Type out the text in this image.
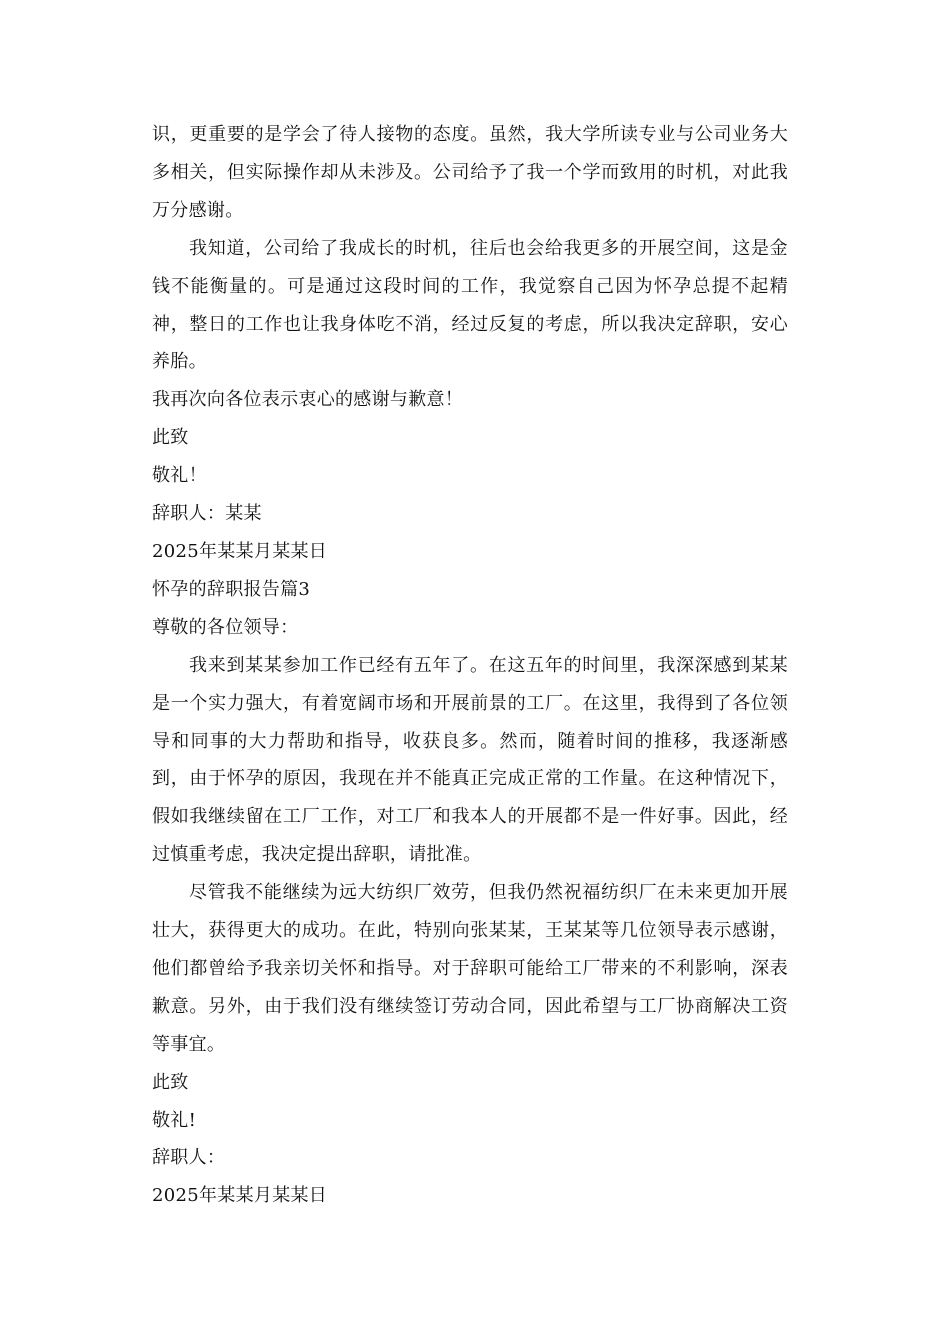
识，更重要的是学会了待人接物的态度。虽然，我大学所读专业与公司业务大多相关，但实际操作却从未涉及。公司给予了我一个学而致用的时机，对此我万分感谢。

我知道，公司给了我成长的时机，往后也会给我更多的开展空间，这是金钱不能衡量的。可是通过这段时间的工作，我觉察自己因为怀孕总提不起精神，整日的工作也让我身体吃不消，经过反复的考虑，所以我决定辞职，安心养胎。

我再次向各位表示衷心的感谢与歉意！

此致

敬礼！

辞职人：某某

2025年某某月某某日

怀孕的辞职报告篇3

尊敬的各位领导：

我来到某某参加工作已经有五年了。在这五年的时间里，我深深感到某某是一个实力强大，有着宽阔市场和开展前景的工厂。在这里，我得到了各位领导和同事的大力帮助和指导，收获良多。然而，随着时间的推移，我逐渐感到，由于怀孕的原因，我现在并不能真正完成正常的工作量。在这种情况下，假如我继续留在工厂工作，对工厂和我本人的开展都不是一件好事。因此，经过慎重考虑，我决定提出辞职，请批准。

尽管我不能继续为远大纺织厂效劳，但我仍然祝福纺织厂在未来更加开展壮大，获得更大的成功。在此，特别向张某某，王某某等几位领导表示感谢，他们都曾给予我亲切关怀和指导。对于辞职可能给工厂带来的不利影响，深表歉意。另外，由于我们没有继续签订劳动合同，因此希望与工厂协商解决工资等事宜。

此致

敬礼!

辞职人：

2025年某某月某某日
